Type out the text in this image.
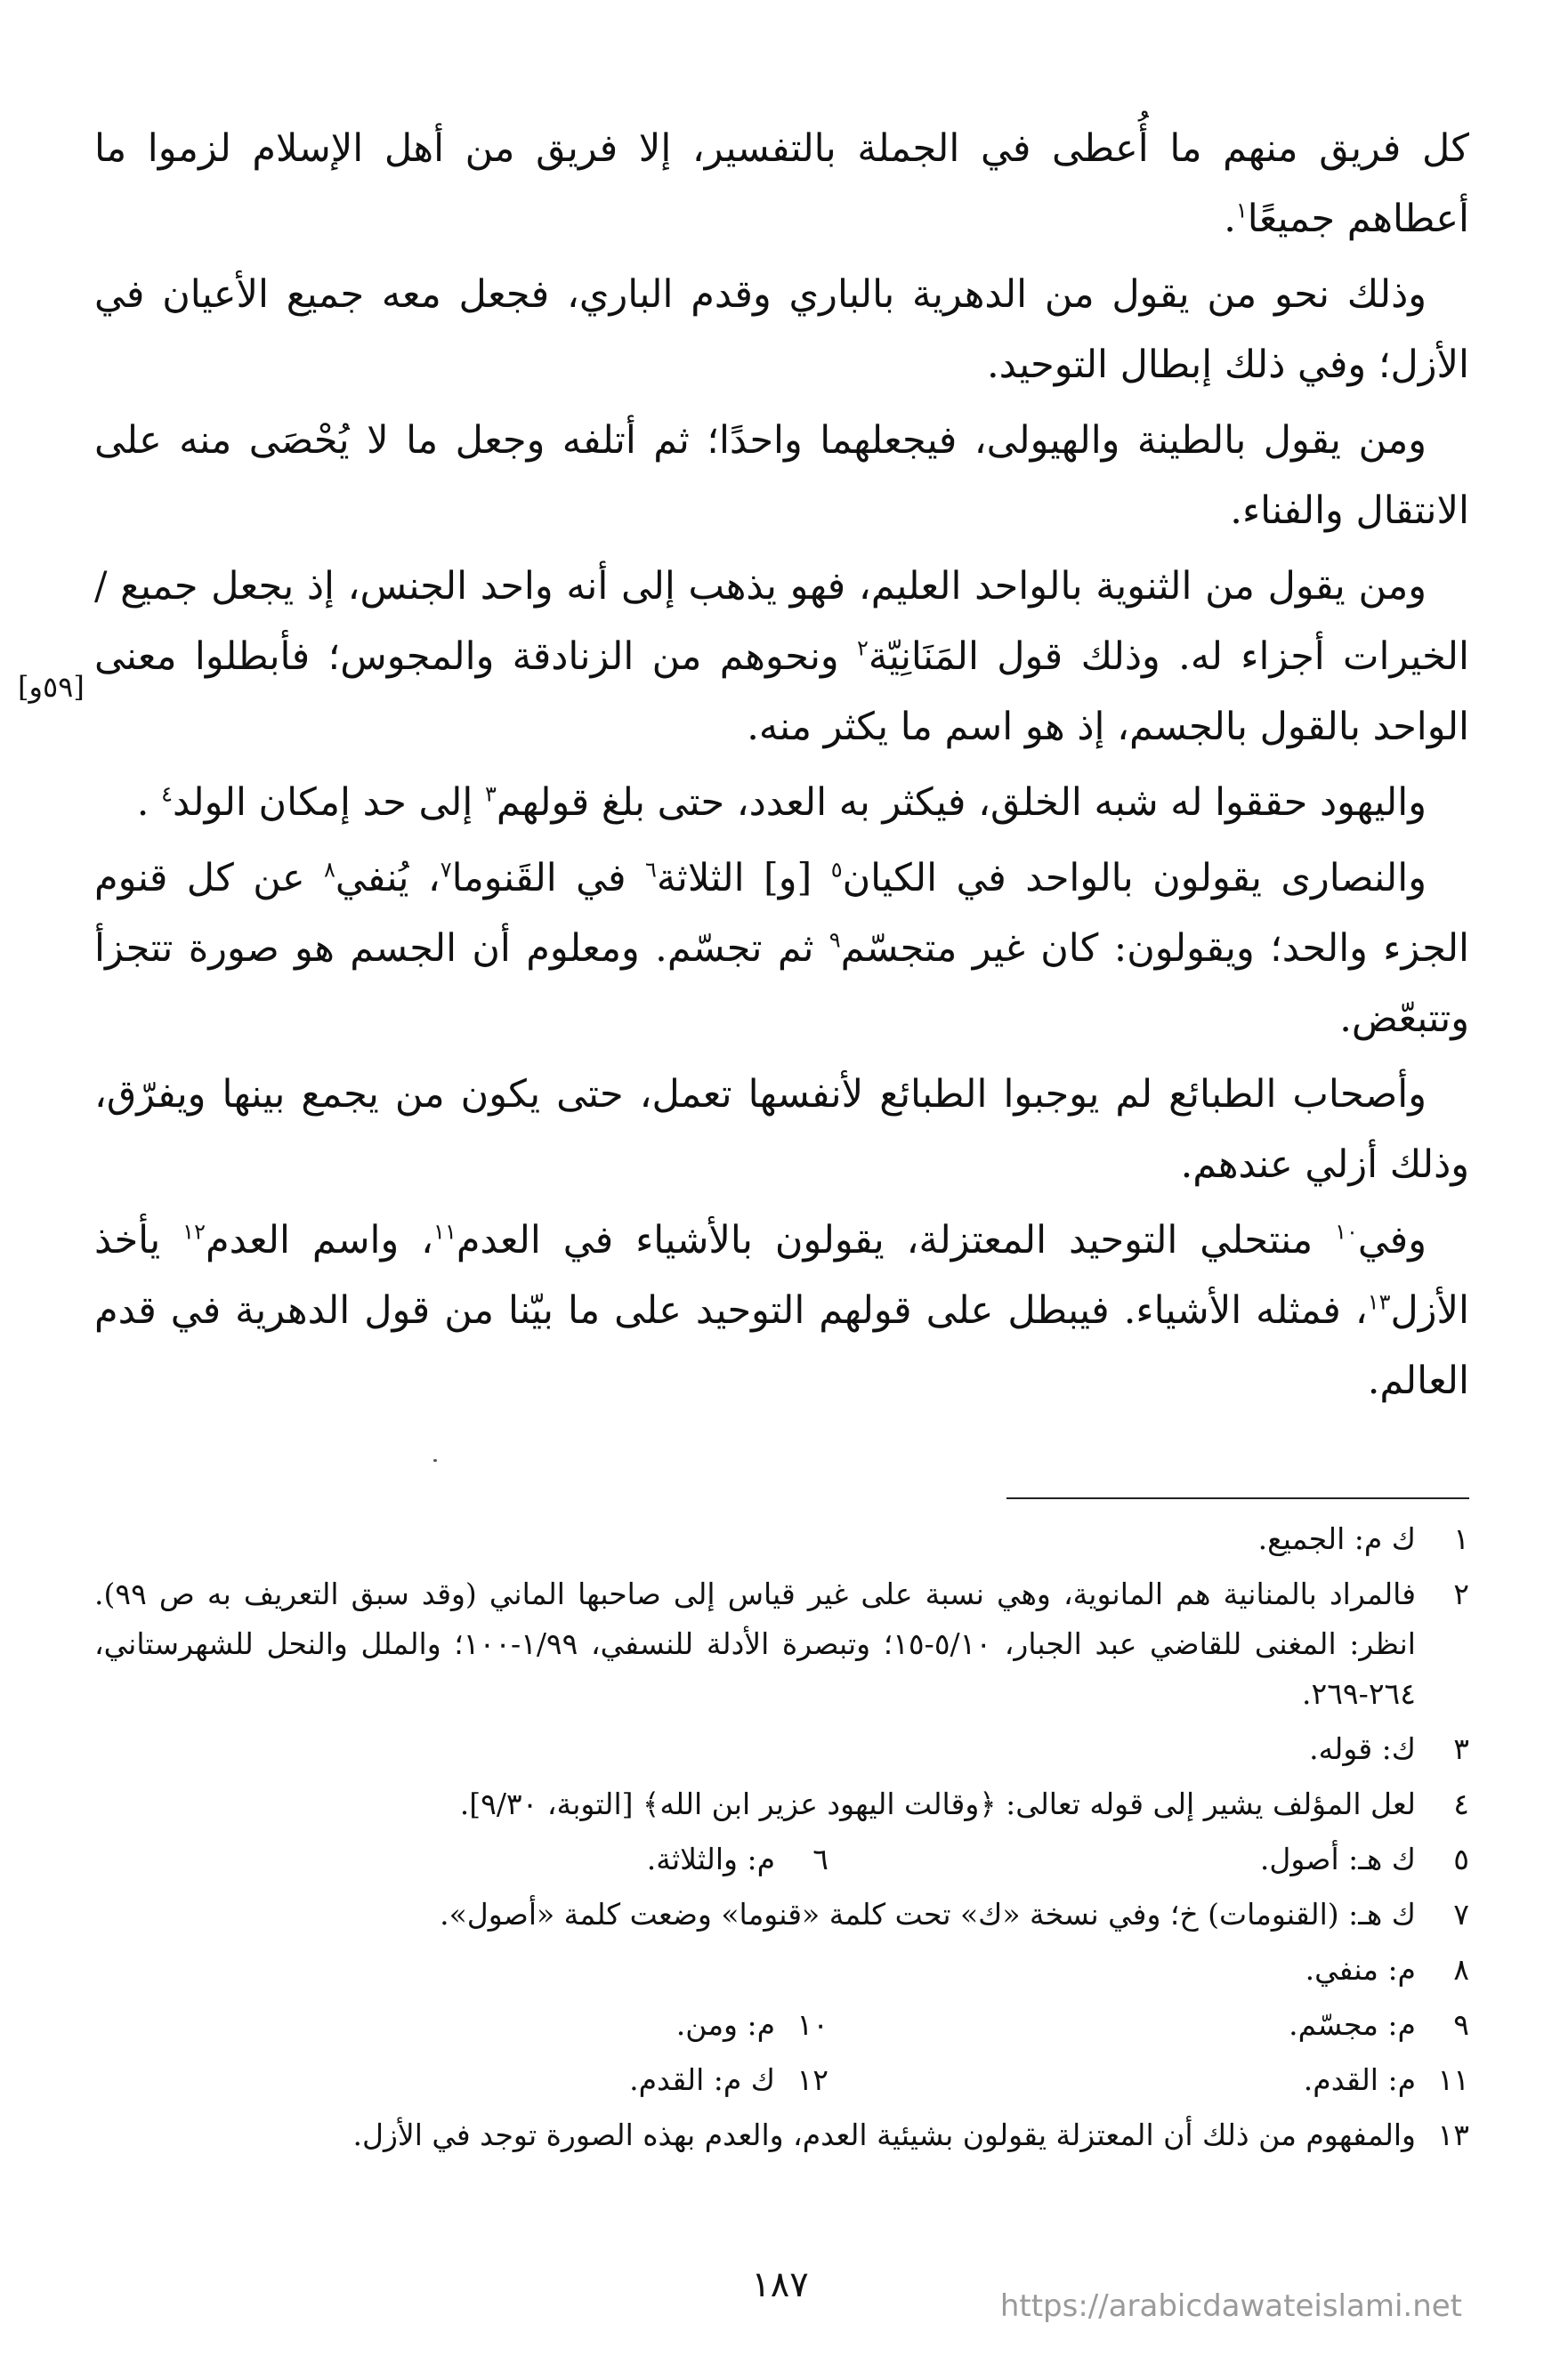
كل فريق منهم ما أُعطى في الجملة بالتفسير، إلا فريق من أهل الإسلام لزموا ما أعطاهم جميعًا$^١$.

وذلك نحو من يقول من الدهرية بالباري وقدم الباري، فجعل معه جميع الأعيان في الأزل؛ وفي ذلك إبطال التوحيد.

ومن يقول بالطينة والهيولى، فيجعلهما واحدًا؛ ثم أتلفه وجعل ما لا يُحْصَى منه على الانتقال والفناء.

ومن يقول من الثنوية بالواحد العليم، فهو يذهب إلى أنه واحد الجنس، إذ يجعل جميع / الخيرات أجزاء له. وذلك قول المَنَانِيّة$^٢$ ونحوهم من الزنادقة والمجوس؛ فأبطلوا معنى الواحد بالقول بالجسم، إذ هو اسم ما يكثر منه.

واليهود حققوا له شبه الخلق، فيكثر به العدد، حتى بلغ قولهم$^٣$ إلى حد إمكان الولد$^٤$ .

والنصارى يقولون بالواحد في الكيان$^٥$ [و] الثلاثة$^٦$ في القَنوما$^٧$، يُنفي$^٨$ عن كل قنوم الجزء والحد؛ ويقولون: كان غير متجسّم$^٩$ ثم تجسّم. ومعلوم أن الجسم هو صورة تتجزأ وتتبعّض.

وأصحاب الطبائع لم يوجبوا الطبائع لأنفسها تعمل، حتى يكون من يجمع بينها ويفرّق، وذلك أزلي عندهم.

وفي$^{١٠}$ منتحلي التوحيد المعتزلة، يقولون بالأشياء في العدم$^{١١}$، واسم العدم$^{١٢}$ يأخذ الأزل$^{١٣}$، فمثله الأشياء. فيبطل على قولهم التوحيد على ما بيّنا من قول الدهرية في قدم العالم.

[٥٩و]
١
ك م: الجميع.
٢
فالمراد بالمنانية هم المانوية، وهي نسبة على غير قياس إلى صاحبها الماني (وقد سبق التعريف به ص ٩٩). انظر: المغنى للقاضي عبد الجبار، ٥/١٠-١٥؛ وتبصرة الأدلة للنسفي، ١/٩٩-١٠٠؛ والملل والنحل للشهرستاني، ٢٦٤-٢٦٩.
٣
ك: قوله.
٤
لعل المؤلف يشير إلى قوله تعالى: ﴿وقالت اليهود عزير ابن الله﴾ [التوبة، ٩/٣٠].
٥
ك هـ: أصول.
٦
م: والثلاثة.
٧
ك هـ: (القنومات) خ؛ وفي نسخة «ك» تحت كلمة «قنوما» وضعت كلمة «أصول».
٨
م: منفي.
٩
م: مجسّم.
١٠
م: ومن.
١١
م: القدم.
١٢
ك م: القدم.
١٣
والمفهوم من ذلك أن المعتزلة يقولون بشيئية العدم، والعدم بهذه الصورة توجد في الأزل.
١٨٧
https://arabicdawateislami.net
